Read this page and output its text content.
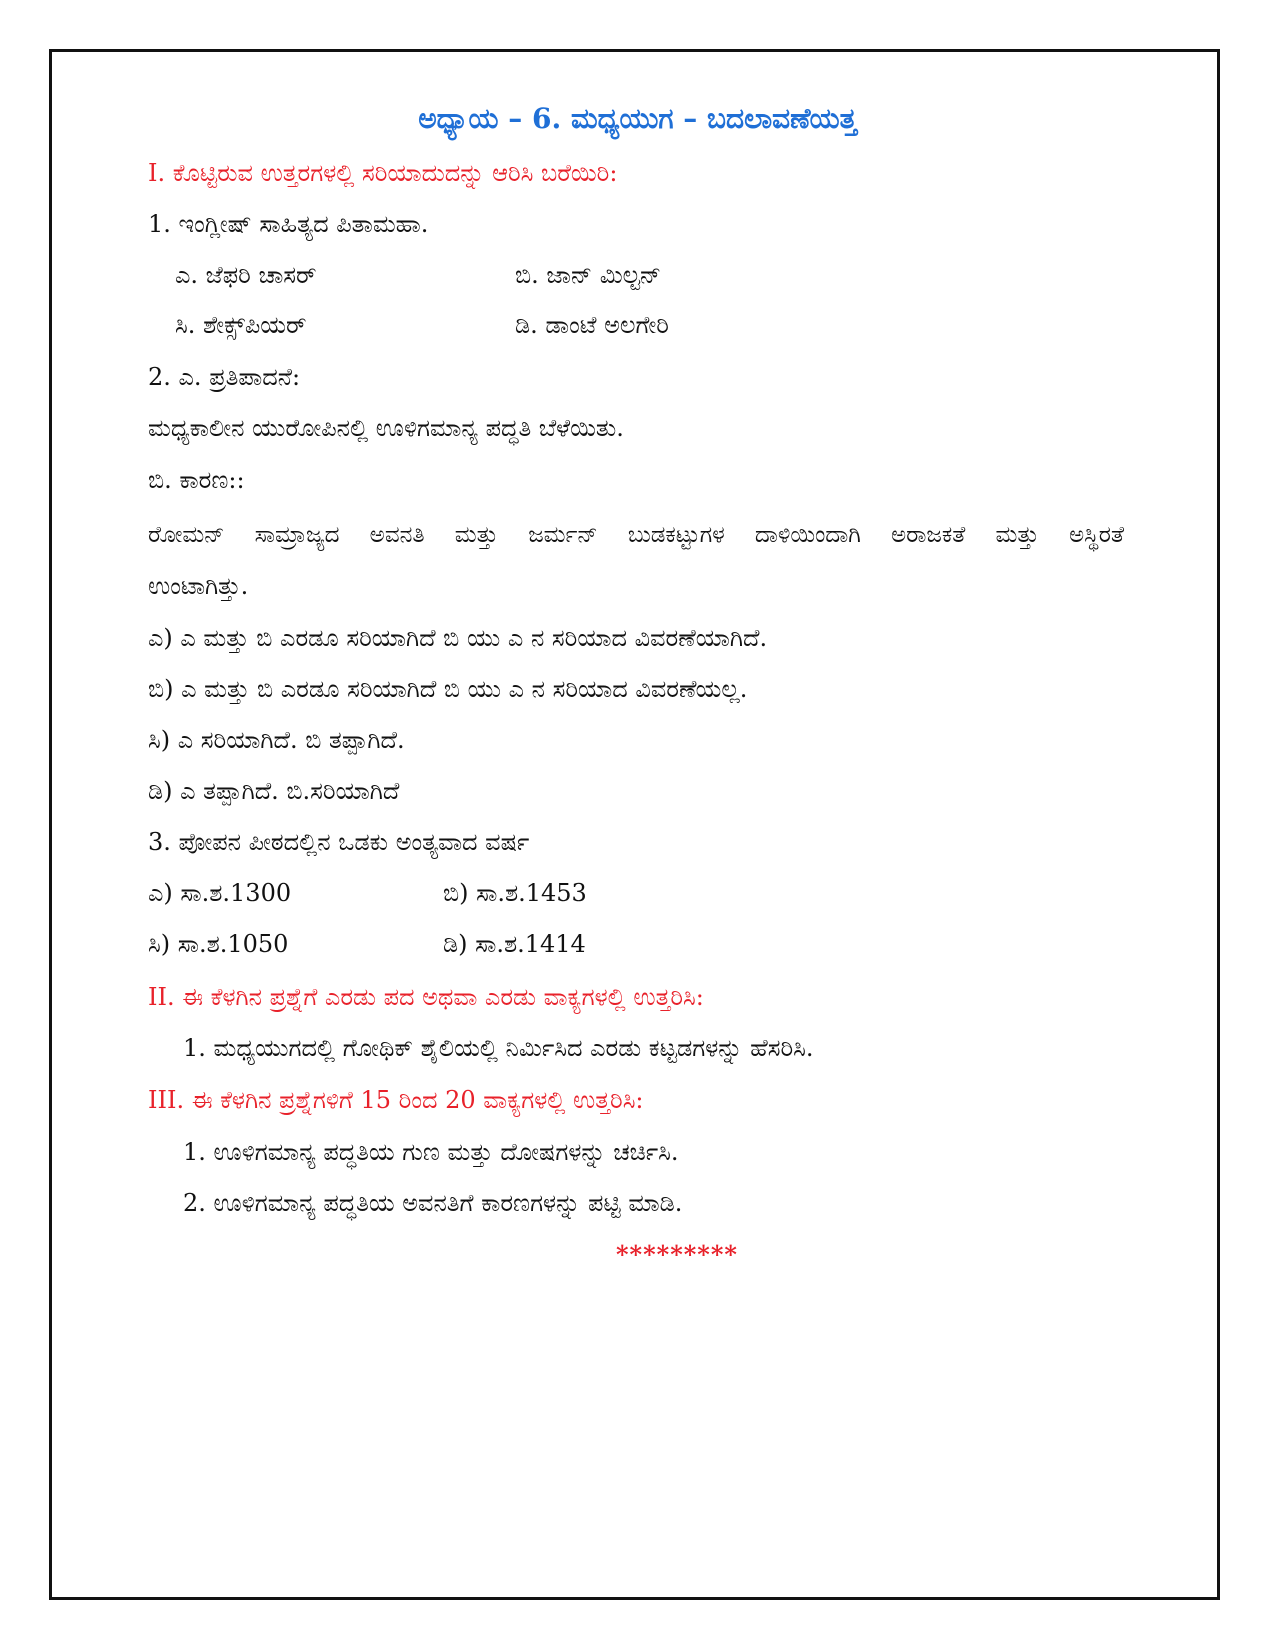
ಅಧ್ಯಾಯ – 6. ಮಧ್ಯಯುಗ – ಬದಲಾವಣೆಯತ್ತ
I. ಕೊಟ್ಟಿರುವ ಉತ್ತರಗಳಲ್ಲಿ ಸರಿಯಾದುದನ್ನು ಆರಿಸಿ ಬರೆಯಿರಿ:
1. ಇಂಗ್ಲೀಷ್ ಸಾಹಿತ್ಯದ ಪಿತಾಮಹಾ.
ಎ. ಜೆಫರಿ ಚಾಸರ್	ಬಿ. ಜಾನ್ ಮಿಲ್ಟನ್
ಸಿ. ಶೇಕ್ಸ್‌ಪಿಯರ್	ಡಿ. ಡಾಂಟೆ ಅಲಗೇರಿ
2. ಎ. ಪ್ರತಿಪಾದನೆ:
ಮಧ್ಯಕಾಲೀನ ಯುರೋಪಿನಲ್ಲಿ ಊಳಿಗಮಾನ್ಯ ಪದ್ಧತಿ ಬೆಳೆಯಿತು.
ಬಿ. ಕಾರಣ::
ರೋಮನ್ ಸಾಮ್ರಾಜ್ಯದ ಅವನತಿ ಮತ್ತು ಜರ್ಮನ್ ಬುಡಕಟ್ಟುಗಳ ದಾಳಿಯಿಂದಾಗಿ ಅರಾಜಕತೆ ಮತ್ತು ಅಸ್ಥಿರತೆ
ಉಂಟಾಗಿತ್ತು.
ಎ) ಎ ಮತ್ತು ಬಿ ಎರಡೂ ಸರಿಯಾಗಿದೆ ಬಿ ಯು ಎ ನ ಸರಿಯಾದ ವಿವರಣೆಯಾಗಿದೆ.
ಬಿ) ಎ ಮತ್ತು ಬಿ ಎರಡೂ ಸರಿಯಾಗಿದೆ ಬಿ ಯು ಎ ನ ಸರಿಯಾದ ವಿವರಣೆಯಲ್ಲ.
ಸಿ) ಎ ಸರಿಯಾಗಿದೆ. ಬಿ ತಪ್ಪಾಗಿದೆ.
ಡಿ) ಎ ತಪ್ಪಾಗಿದೆ. ಬಿ.ಸರಿಯಾಗಿದೆ
3. ಪೋಪನ ಪೀಠದಲ್ಲಿನ ಒಡಕು ಅಂತ್ಯವಾದ ವರ್ಷ
ಎ) ಸಾ.ಶ.1300	ಬಿ) ಸಾ.ಶ.1453
ಸಿ) ಸಾ.ಶ.1050	ಡಿ) ಸಾ.ಶ.1414
II. ಈ ಕೆಳಗಿನ ಪ್ರಶ್ನೆಗೆ ಎರಡು ಪದ ಅಥವಾ ಎರಡು ವಾಕ್ಯಗಳಲ್ಲಿ ಉತ್ತರಿಸಿ:
1. ಮಧ್ಯಯುಗದಲ್ಲಿ ಗೋಥಿಕ್ ಶೈಲಿಯಲ್ಲಿ ನಿರ್ಮಿಸಿದ ಎರಡು ಕಟ್ಟಡಗಳನ್ನು ಹೆಸರಿಸಿ.
III. ಈ ಕೆಳಗಿನ ಪ್ರಶ್ನೆಗಳಿಗೆ 15 ರಿಂದ 20 ವಾಕ್ಯಗಳಲ್ಲಿ ಉತ್ತರಿಸಿ:
1. ಊಳಿಗಮಾನ್ಯ ಪದ್ಧತಿಯ ಗುಣ ಮತ್ತು ದೋಷಗಳನ್ನು ಚರ್ಚಿಸಿ.
2. ಊಳಿಗಮಾನ್ಯ ಪದ್ಧತಿಯ ಅವನತಿಗೆ ಕಾರಣಗಳನ್ನು ಪಟ್ಟಿ ಮಾಡಿ.
*********
